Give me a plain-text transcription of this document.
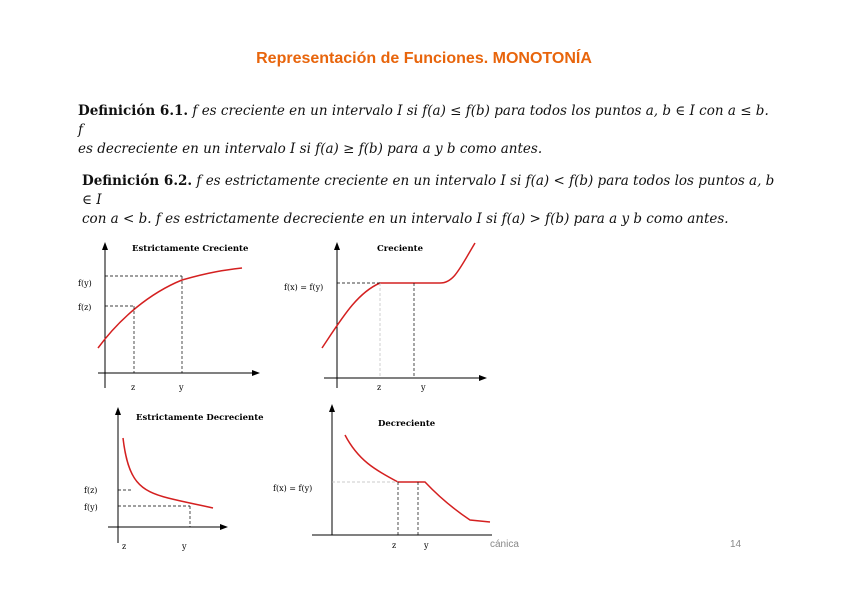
Representación de Funciones. MONOTONÍA
Definición 6.1. f es creciente en un intervalo I si f(a) ≤ f(b) para todos los puntos a, b ∈ I con a ≤ b. f
es decreciente en un intervalo I si f(a) ≥ f(b) para a y b como antes.
Definición 6.2. f es estrictamente creciente en un intervalo I si f(a) < f(b) para todos los puntos a, b ∈ I
con a < b. f es estrictamente decreciente en un intervalo I si f(a) > f(b) para a y b como antes.
Estrictamente Creciente
f(y)
f(z)
z	y
Creciente
f(x) = f(y)
z	y
Estrictamente Decreciente
f(z)
f(y)
z	y
Decreciente
f(x) = f(y)
z	y	cánica	14
